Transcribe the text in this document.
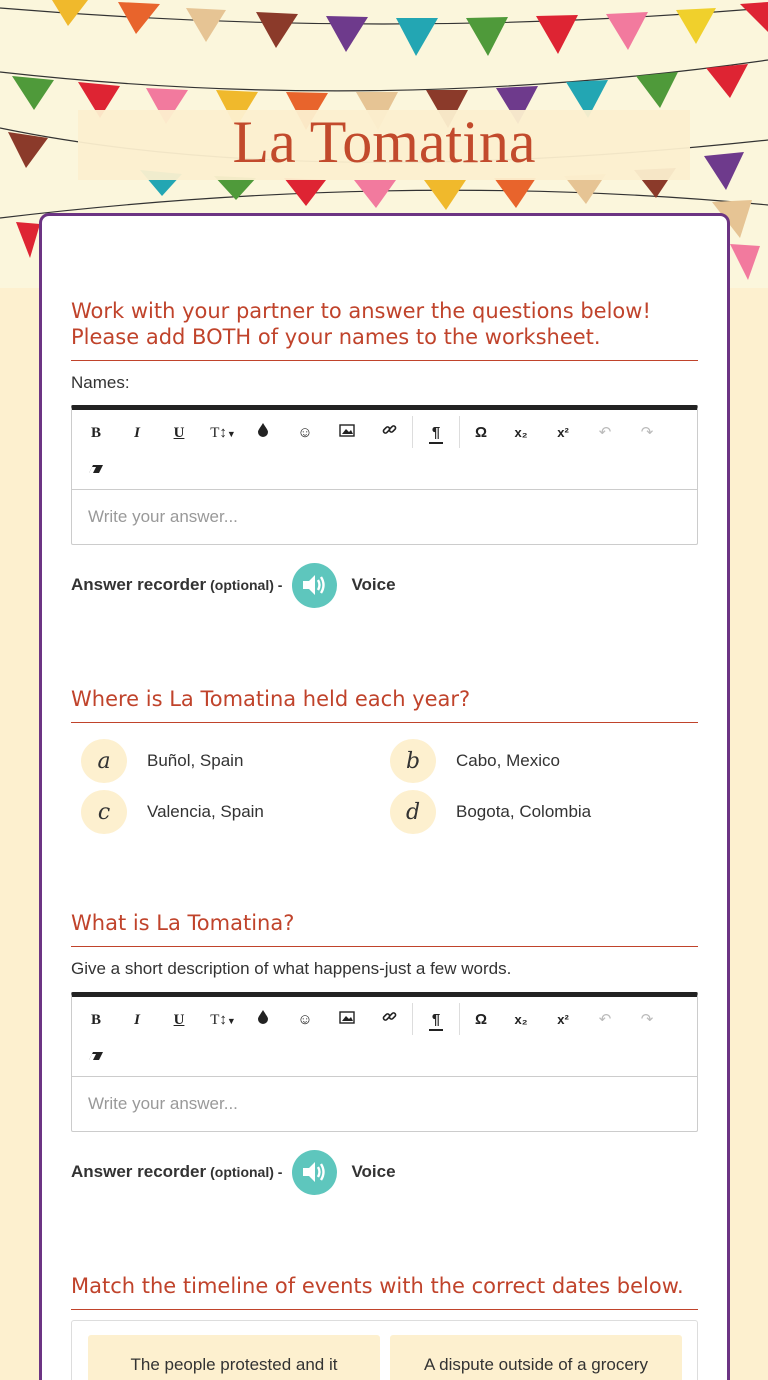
La Tomatina
Work with your partner to answer the questions below!
Please add BOTH of your names to the worksheet.
Names:
B	I	U	T↕▼	☺	¶	Ω	x₂	x²	↶	↷
Write your answer...
Answer recorder (optional) -	Voice
Where is La Tomatina held each year?
a	Buñol, Spain	b	Cabo, Mexico
c	Valencia, Spain	d	Bogota, Colombia
What is La Tomatina?
Give a short description of what happens-just a few words.
B	I	U	T↕▼	☺	¶	Ω	x₂	x²	↶	↷
Write your answer...
Answer recorder (optional) -	Voice
Match the timeline of events with the correct dates below.
The people protested and it	A dispute outside of a grocery
